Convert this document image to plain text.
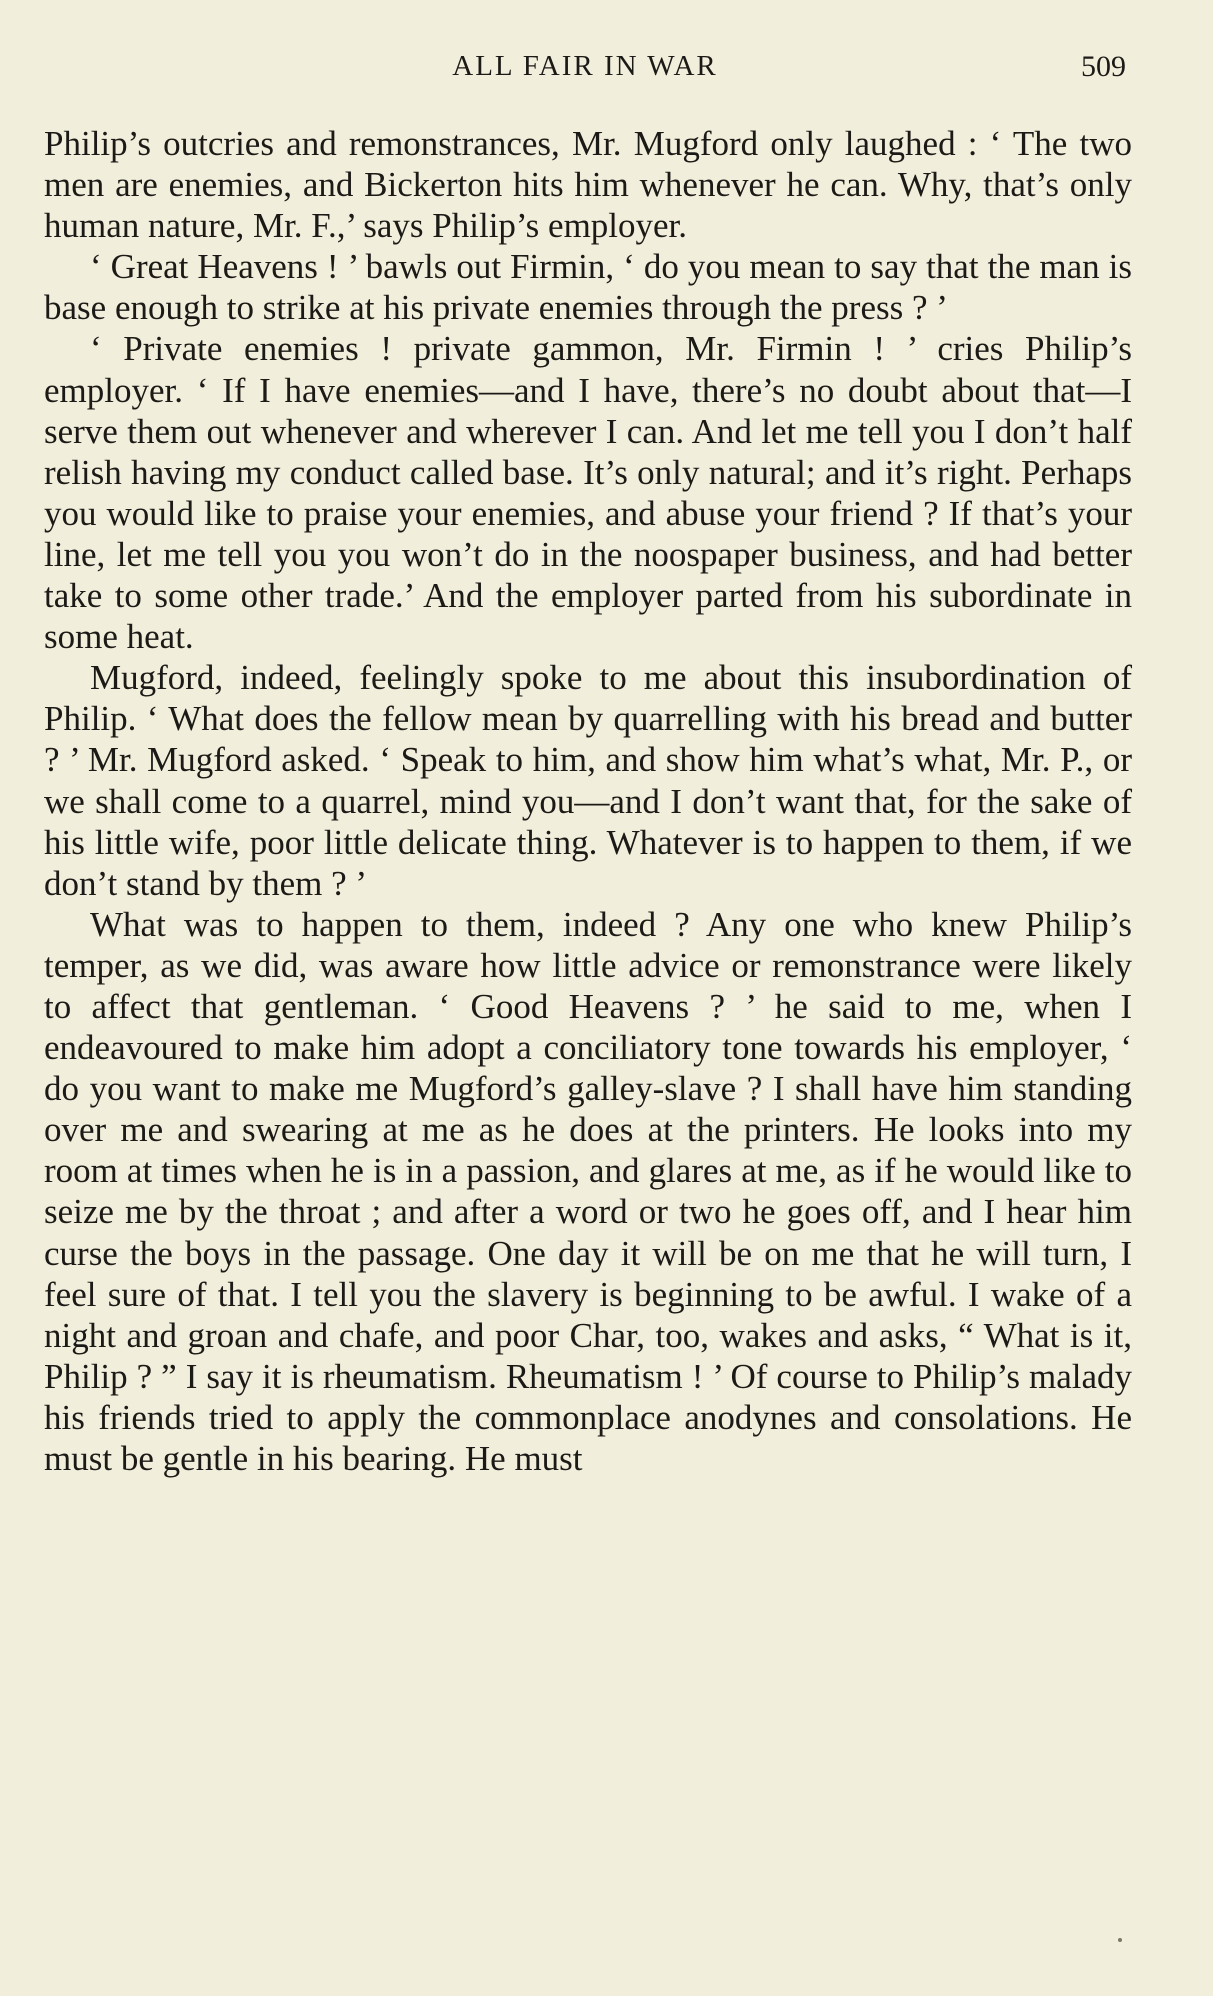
ALL FAIR IN WAR	509

Philip’s outcries and remonstrances, Mr. Mugford only laughed : ‘ The two men are enemies, and Bickerton hits him whenever he can. Why, that’s only human nature, Mr. F.,’ says Philip’s employer.

‘ Great Heavens ! ’ bawls out Firmin, ‘ do you mean to say that the man is base enough to strike at his private enemies through the press ? ’

‘ Private enemies ! private gammon, Mr. Firmin ! ’ cries Philip’s employer. ‘ If I have enemies—and I have, there’s no doubt about that—I serve them out whenever and wherever I can. And let me tell you I don’t half relish having my conduct called base. It’s only natural; and it’s right. Perhaps you would like to praise your enemies, and abuse your friend ? If that’s your line, let me tell you you won’t do in the noospaper business, and had better take to some other trade.’ And the employer parted from his subordinate in some heat.

Mugford, indeed, feelingly spoke to me about this insubordination of Philip. ‘ What does the fellow mean by quarrelling with his bread and butter ? ’ Mr. Mugford asked. ‘ Speak to him, and show him what’s what, Mr. P., or we shall come to a quarrel, mind you—and I don’t want that, for the sake of his little wife, poor little delicate thing. Whatever is to happen to them, if we don’t stand by them ? ’

What was to happen to them, indeed ? Any one who knew Philip’s temper, as we did, was aware how little advice or remonstrance were likely to affect that gentleman. ‘ Good Heavens ? ’ he said to me, when I endeavoured to make him adopt a conciliatory tone towards his employer, ‘ do you want to make me Mugford’s galley-slave ? I shall have him standing over me and swearing at me as he does at the printers. He looks into my room at times when he is in a passion, and glares at me, as if he would like to seize me by the throat ; and after a word or two he goes off, and I hear him curse the boys in the passage. One day it will be on me that he will turn, I feel sure of that. I tell you the slavery is beginning to be awful. I wake of a night and groan and chafe, and poor Char, too, wakes and asks, “ What is it, Philip ? ” I say it is rheumatism. Rheumatism ! ’ Of course to Philip’s malady his friends tried to apply the commonplace anodynes and consolations. He must be gentle in his bearing. He must
